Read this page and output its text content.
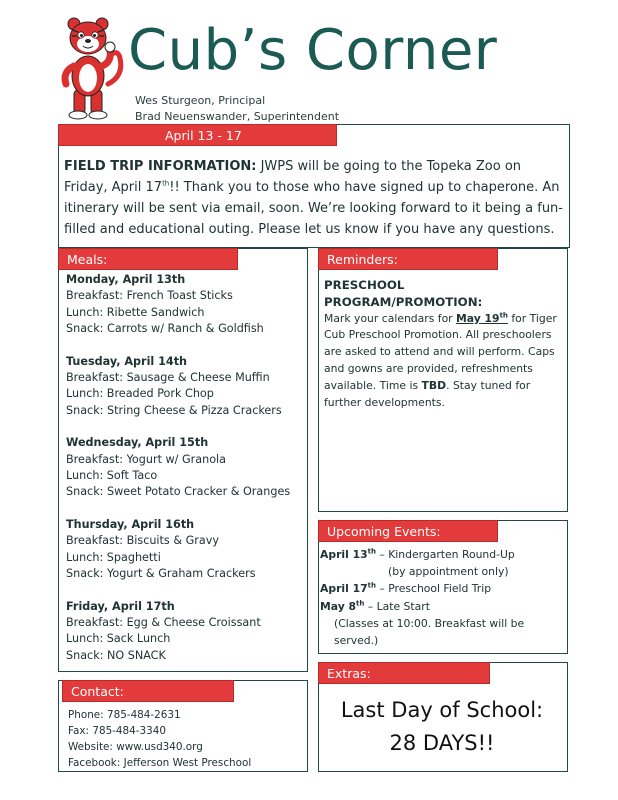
Cub’s Corner
Wes Sturgeon, Principal
Brad Neuenswander, Superintendent
April 13 - 17
FIELD TRIP INFORMATION: JWPS will be going to the Topeka Zoo on Friday, April 17th!! Thank you to those who have signed up to chaperone. An itinerary will be sent via email, soon. We’re looking forward to it being a fun-filled and educational outing. Please let us know if you have any questions.
Meals:
Monday, April 13th
Breakfast: French Toast Sticks
Lunch: Ribette Sandwich
Snack: Carrots w/ Ranch & Goldfish
Tuesday, April 14th
Breakfast: Sausage & Cheese Muffin
Lunch: Breaded Pork Chop
Snack: String Cheese & Pizza Crackers
Wednesday, April 15th
Breakfast: Yogurt w/ Granola
Lunch: Soft Taco
Snack: Sweet Potato Cracker & Oranges
Thursday, April 16th
Breakfast: Biscuits & Gravy
Lunch: Spaghetti
Snack: Yogurt & Graham Crackers
Friday, April 17th
Breakfast: Egg & Cheese Croissant
Lunch: Sack Lunch
Snack: NO SNACK
Reminders:
PRESCHOOL PROGRAM/PROMOTION:
Mark your calendars for May 19th for Tiger Cub Preschool Promotion. All preschoolers are asked to attend and will perform. Caps and gowns are provided, refreshments available. Time is TBD. Stay tuned for further developments.
Upcoming Events:
April 13th – Kindergarten Round-Up
(by appointment only)
April 17th – Preschool Field Trip
May 8th – Late Start
(Classes at 10:00. Breakfast will be served.)
Contact:
Phone: 785-484-2631
Fax: 785-484-3340
Website: www.usd340.org
Facebook: Jefferson West Preschool
Extras:
Last Day of School:
28 DAYS!!
